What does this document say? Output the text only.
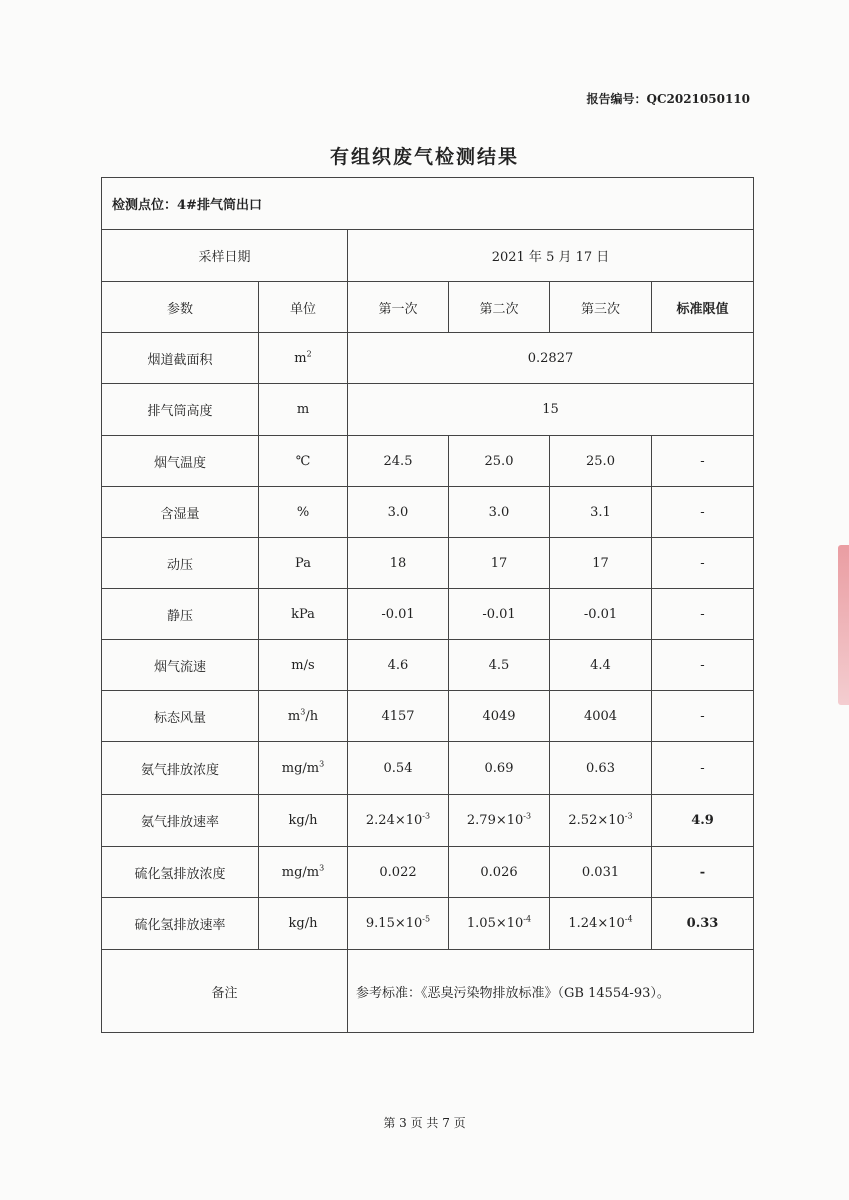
报告编号：QC2021050110
有组织废气检测结果
检测点位：4#排气筒出口					
采样日期		2021 年 5 月 17 日			
参数	单位	第一次	第二次	第三次	标准限值
烟道截面积	$m^2$	0.2827			
排气筒高度	m	15			
烟气温度	℃	24.5	25.0	25.0	-
含湿量	%	3.0	3.0	3.1	-
动压	Pa	18	17	17	-
静压	kPa	-0.01	-0.01	-0.01	-
烟气流速	m/s	4.6	4.5	4.4	-
标态风量	$m^3/h$	4157	4049	4004	-
氨气排放浓度	$mg/m^3$	0.54	0.69	0.63	-
氨气排放速率	kg/h	$2.24\times 10^{-3}$	$2.79\times 10^{-3}$	$2.52\times 10^{-3}$	4.9
硫化氢排放浓度	$mg/m^3$	0.022	0.026	0.031	-
硫化氢排放速率	kg/h	$9.15\times 10^{-5}$	$1.05\times 10^{-4}$	$1.24\times 10^{-4}$	0.33
备注		参考标准：《恶臭污染物排放标准》（GB 14554-93）。			
第 3 页 共 7 页
